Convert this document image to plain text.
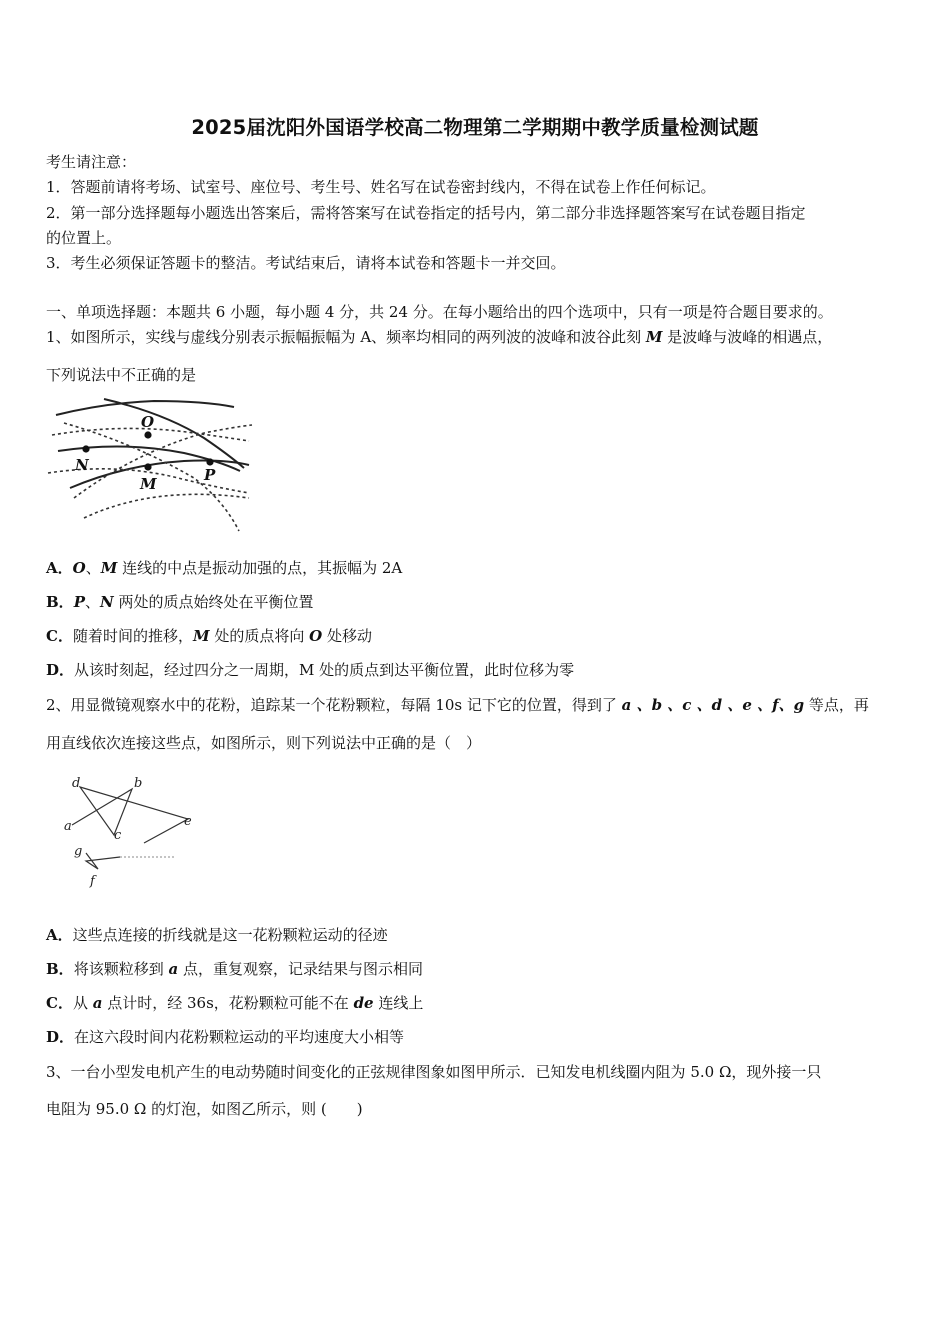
2025届沈阳外国语学校高二物理第二学期期中教学质量检测试题
考生请注意：
1．答题前请将考场、试室号、座位号、考生号、姓名写在试卷密封线内，不得在试卷上作任何标记。
2．第一部分选择题每小题选出答案后，需将答案写在试卷指定的括号内，第二部分非选择题答案写在试卷题目指定
的位置上。
3．考生必须保证答题卡的整洁。考试结束后，请将本试卷和答题卡一并交回。
一、单项选择题：本题共 6 小题，每小题 4 分，共 24 分。在每小题给出的四个选项中，只有一项是符合题目要求的。
1、如图所示，实线与虚线分别表示振幅振幅为 A、频率均相同的两列波的波峰和波谷此刻 M 是波峰与波峰的相遇点，
下列说法中不正确的是
O
N
M	P
A．O、M 连线的中点是振动加强的点，其振幅为 2A
B．P、N 两处的质点始终处在平衡位置
C．随着时间的推移，M 处的质点将向 O 处移动
D．从该时刻起，经过四分之一周期，M 处的质点到达平衡位置，此时位移为零
2、用显微镜观察水中的花粉，追踪某一个花粉颗粒，每隔 10s 记下它的位置，得到了 a 、b 、c 、d 、e 、f、g 等点，再
用直线依次连接这些点，如图所示，则下列说法中正确的是（　）
a
b
c
d
e
f
g
A．这些点连接的折线就是这一花粉颗粒运动的径迹
B．将该颗粒移到 a 点，重复观察，记录结果与图示相同
C．从 a 点计时，经 36s，花粉颗粒可能不在 de 连线上
D．在这六段时间内花粉颗粒运动的平均速度大小相等
3、一台小型发电机产生的电动势随时间变化的正弦规律图象如图甲所示．已知发电机线圈内阻为 5.0 Ω，现外接一只
电阻为 95.0 Ω 的灯泡，如图乙所示，则 (　　)
